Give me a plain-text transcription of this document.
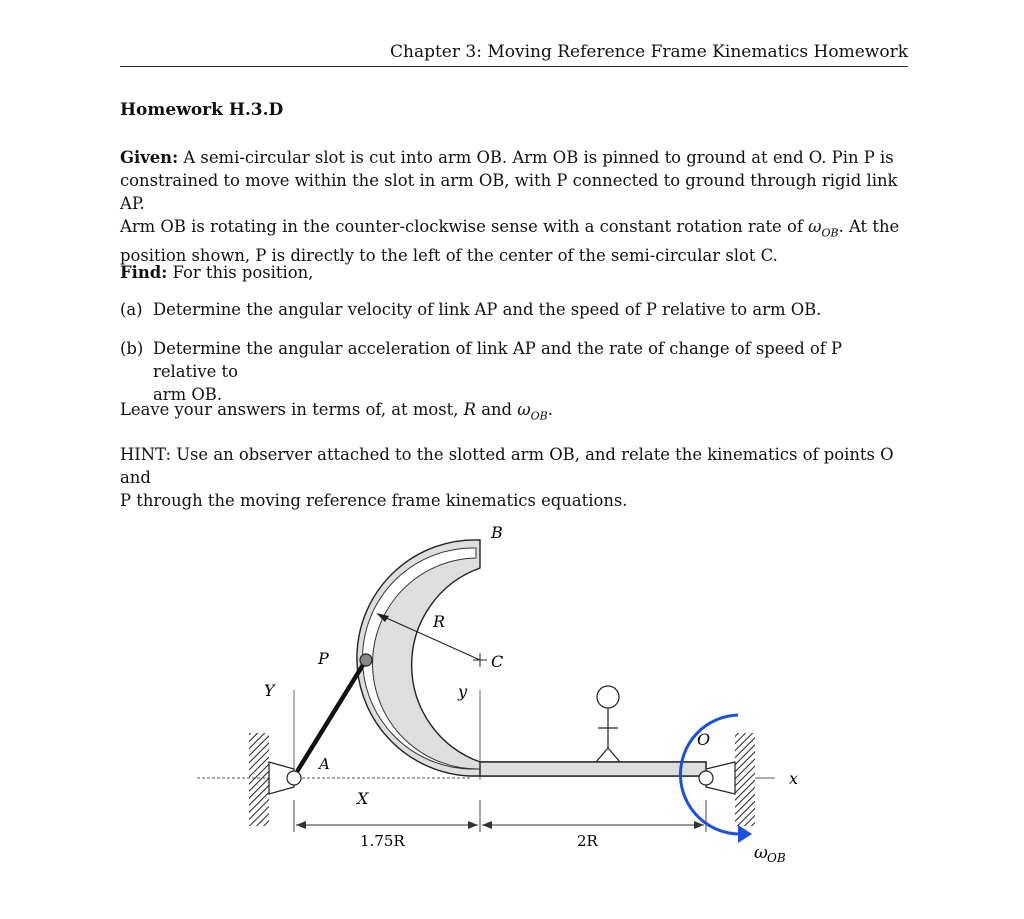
Chapter 3: Moving Reference Frame Kinematics Homework
Homework H.3.D
Given: A semi-circular slot is cut into arm OB. Arm OB is pinned to ground at end O. Pin P is
constrained to move within the slot in arm OB, with P connected to ground through rigid link AP.
Arm OB is rotating in the counter-clockwise sense with a constant rotation rate of $\omega_{OB}$. At the
position shown, P is directly to the left of the center of the semi-circular slot C.
Find: For this position,
(a) Determine the angular velocity of link AP and the speed of P relative to arm OB.
(b) Determine the angular acceleration of link AP and the rate of change of speed of P relative to
arm OB.
Leave your answers in terms of, at most, R and $\omega_{OB}$.
HINT: Use an observer attached to the slotted arm OB, and relate the kinematics of points O and
P through the moving reference frame kinematics equations.
B
R
P	C
Y	y
A
X
O
x
1.75R	2R
ω OB
